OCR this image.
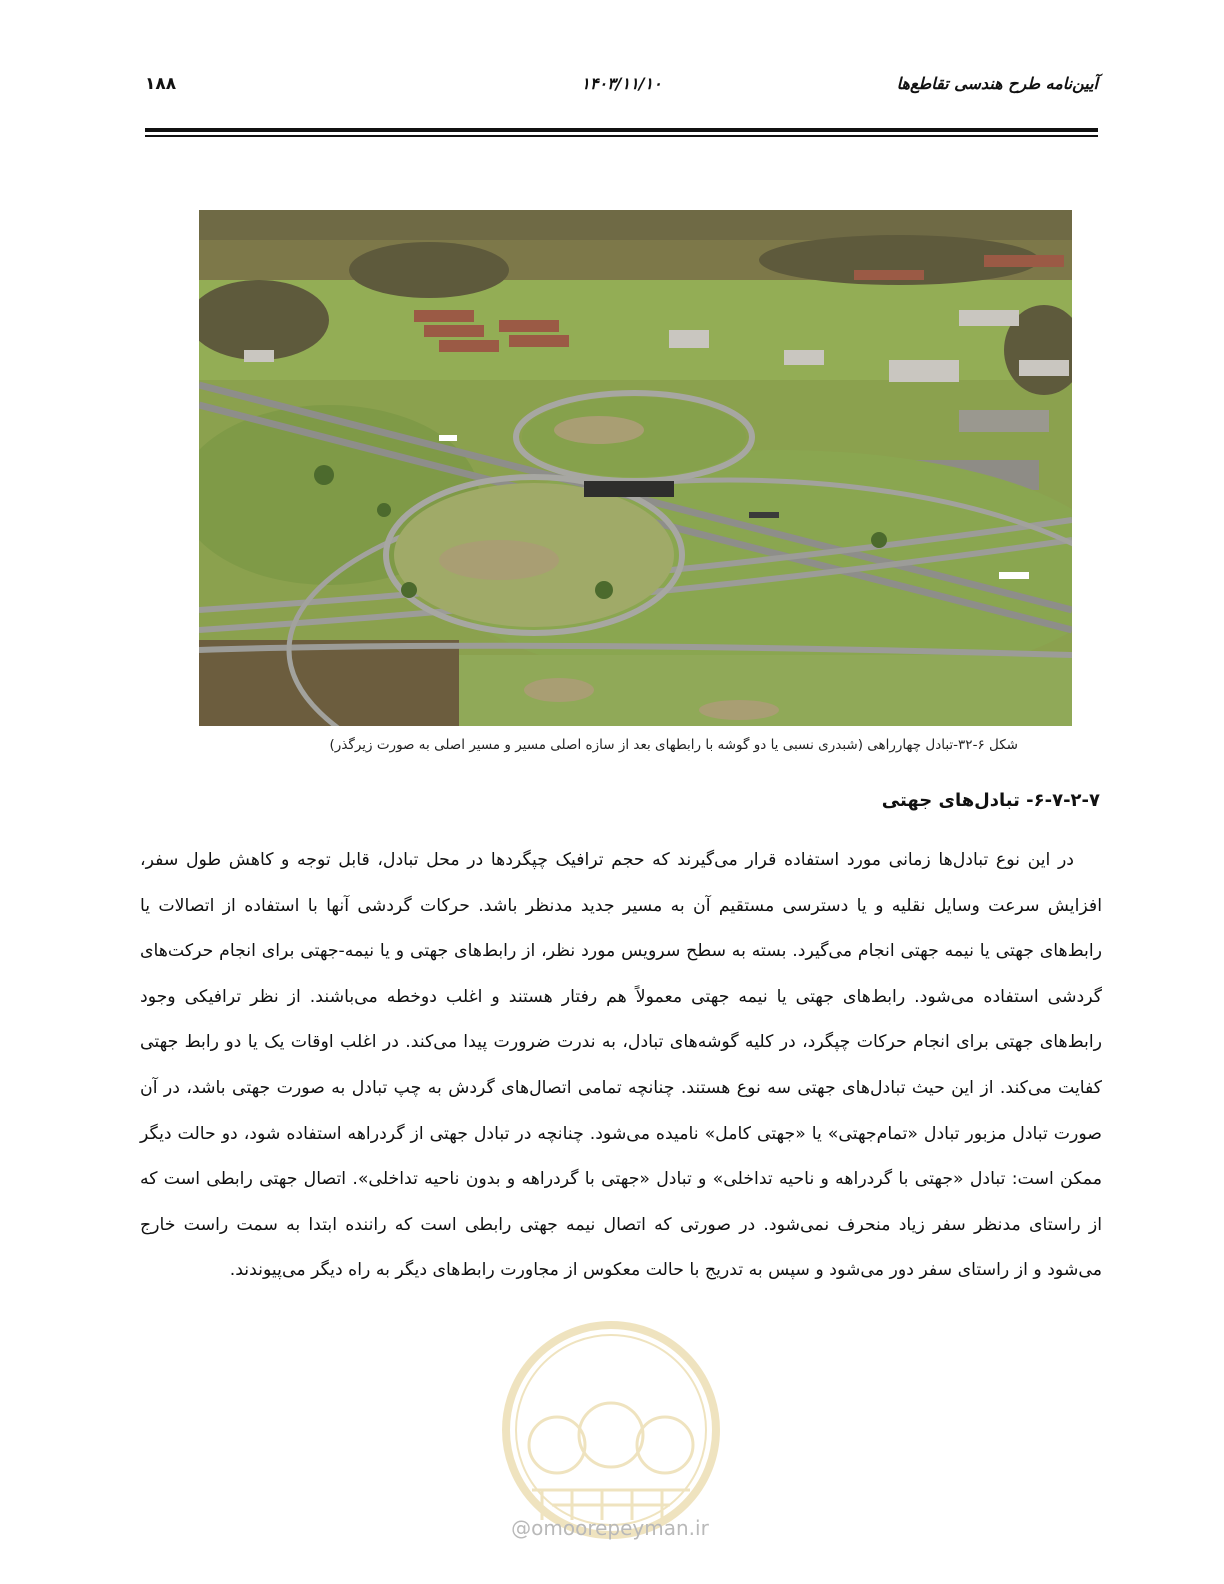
۱۸۸	۱۴۰۳/۱۱/۱۰	آیین‌نامه طرح هندسی تقاطع‌ها
شکل ۶-۳۲-تبادل چهارراهی (شبدری نسبی یا دو گوشه با رابطهای بعد از سازه اصلی مسیر و مسیر اصلی به صورت زیرگذر)
۶-۷-۲-۷- تبادل‌های جهتی
در این نوع تبادل‌ها زمانی مورد استفاده قرار می‌گیرند که حجم ترافیک چپگردها در محل تبادل، قابل توجه و کاهش طول سفر، افزایش سرعت وسایل نقلیه و یا دسترسی مستقیم آن به مسیر جدید مدنظر باشد. حرکات گردشی آنها با استفاده از اتصالات یا رابط‌های جهتی یا نیمه جهتی انجام می‌گیرد. بسته به سطح سرویس مورد نظر، از رابط‌های جهتی و یا نیمه-جهتی برای انجام حرکت‌های گردشی استفاده می‌شود. رابط‌های جهتی یا نیمه جهتی معمولاً هم رفتار هستند و اغلب دوخطه می‌باشند. از نظر ترافیکی وجود رابط‌های جهتی برای انجام حرکات چپگرد، در کلیه گوشه‌های تبادل، به ندرت ضرورت پیدا می‌کند. در اغلب اوقات یک یا دو رابط جهتی کفایت می‌کند. از این حیث تبادل‌های جهتی سه نوع هستند. چنانچه تمامی اتصال‌های گردش به چپ تبادل به صورت جهتی باشد، در آن صورت تبادل مزبور تبادل «تمام‌جهتی» یا «جهتی کامل» نامیده می‌شود. چنانچه در تبادل جهتی از گردراهه استفاده شود، دو حالت دیگر ممکن است: تبادل «جهتی با گردراهه و ناحیه تداخلی» و تبادل «جهتی با گردراهه و بدون ناحیه تداخلی». اتصال جهتی رابطی است که از راستای مدنظر سفر زیاد منحرف نمی‌شود. در صورتی که اتصال نیمه جهتی رابطی است که راننده ابتدا به سمت راست خارج می‌شود و از راستای سفر دور می‌شود و سپس به تدریج با حالت معکوس از مجاورت رابط‌های دیگر به راه دیگر می‌پیوندند.
@omoorepeyman.ir
